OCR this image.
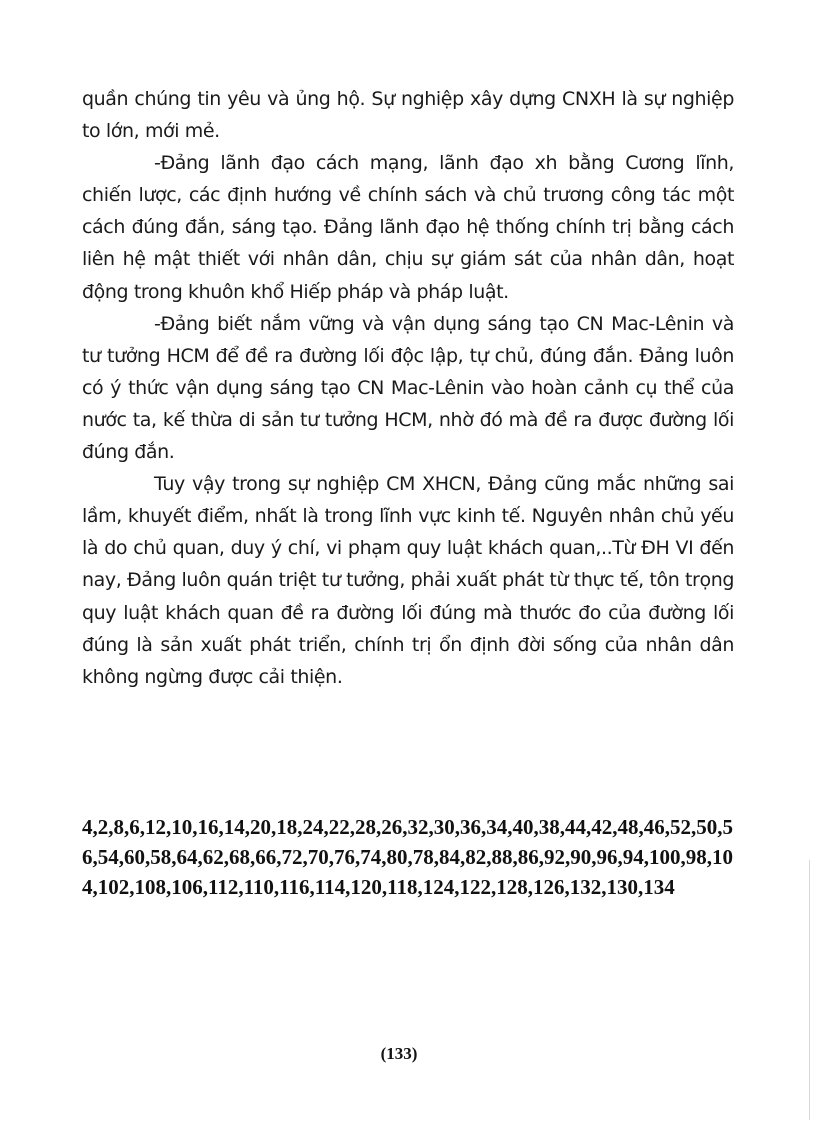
quần chúng tin yêu và ủng hộ. Sự nghiệp xây dựng CNXH là sự nghiệp to lớn, mới mẻ.

-Đảng lãnh đạo cách mạng, lãnh đạo xh bằng Cương lĩnh, chiến lược, các định hướng về chính sách và chủ trương công tác một cách đúng đắn, sáng tạo. Đảng lãnh đạo hệ thống chính trị bằng cách liên hệ mật thiết với nhân dân, chịu sự giám sát của nhân dân, hoạt động trong khuôn khổ Hiếp pháp và pháp luật.

-Đảng biết nắm vững và vận dụng sáng tạo CN Mac-Lênin và tư tưởng HCM để đề ra đường lối độc lập, tự chủ, đúng đắn. Đảng luôn có ý thức vận dụng sáng tạo CN Mac-Lênin vào hoàn cảnh cụ thể của nước ta, kế thừa di sản tư tưởng HCM, nhờ đó mà đề ra được đường lối đúng đắn.

Tuy vậy trong sự nghiệp CM XHCN, Đảng cũng mắc những sai lầm, khuyết điểm, nhất là trong lĩnh vực kinh tế. Nguyên nhân chủ yếu là do chủ quan, duy ý chí, vi phạm quy luật khách quan,..Từ ĐH VI đến nay, Đảng luôn quán triệt tư tưởng, phải xuất phát từ thực tế, tôn trọng quy luật khách quan đề ra đường lối đúng mà thước đo của đường lối đúng là sản xuất phát triển, chính trị ổn định đời sống của nhân dân không ngừng được cải thiện.

4,2,8,6,12,10,16,14,20,18,24,22,28,26,32,30,36,34,40,38,44,42,48,46,52,50,56,54,60,58,64,62,68,66,72,70,76,74,80,78,84,82,88,86,92,90,96,94,100,98,104,102,108,106,112,110,116,114,120,118,124,122,128,126,132,130,134
(133)
